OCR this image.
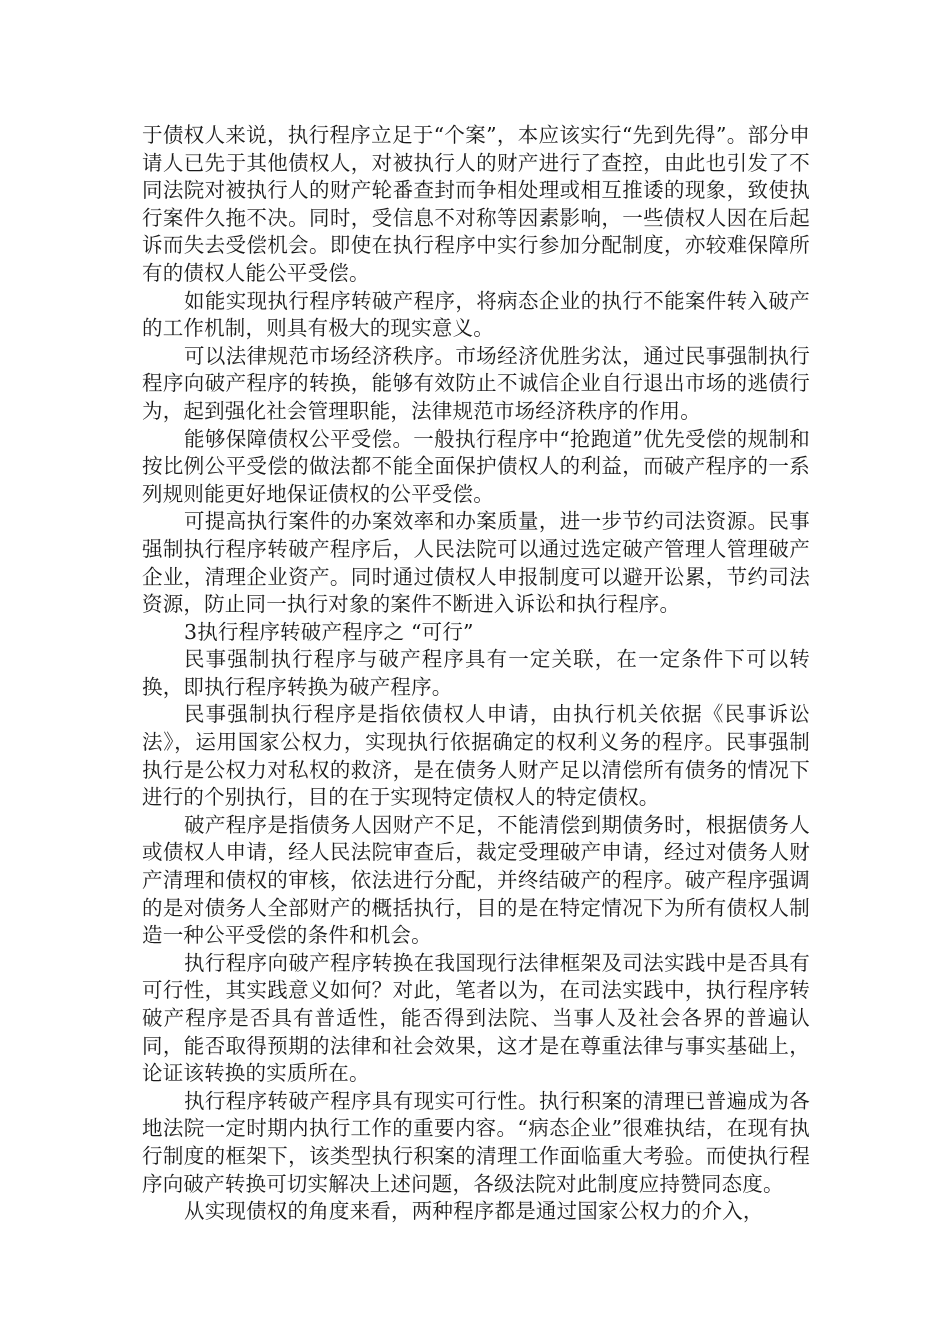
于债权人来说，执行程序立足于“个案”，本应该实行“先到先得”。部分申请人已先于其他债权人，对被执行人的财产进行了查控，由此也引发了不同法院对被执行人的财产轮番查封而争相处理或相互推诿的现象，致使执行案件久拖不决。同时，受信息不对称等因素影响，一些债权人因在后起诉而失去受偿机会。即使在执行程序中实行参加分配制度，亦较难保障所有的债权人能公平受偿。

如能实现执行程序转破产程序，将病态企业的执行不能案件转入破产的工作机制，则具有极大的现实意义。

可以法律规范市场经济秩序。市场经济优胜劣汰，通过民事强制执行程序向破产程序的转换，能够有效防止不诚信企业自行退出市场的逃债行为，起到强化社会管理职能，法律规范市场经济秩序的作用。

能够保障债权公平受偿。一般执行程序中“抢跑道”优先受偿的规制和按比例公平受偿的做法都不能全面保护债权人的利益，而破产程序的一系列规则能更好地保证债权的公平受偿。

可提高执行案件的办案效率和办案质量，进一步节约司法资源。民事强制执行程序转破产程序后，人民法院可以通过选定破产管理人管理破产企业，清理企业资产。同时通过债权人申报制度可以避开讼累，节约司法资源，防止同一执行对象的案件不断进入诉讼和执行程序。

3执行程序转破产程序之 “可行”

民事强制执行程序与破产程序具有一定关联，在一定条件下可以转换，即执行程序转换为破产程序。

民事强制执行程序是指依债权人申请，由执行机关依据《民事诉讼法》，运用国家公权力，实现执行依据确定的权利义务的程序。民事强制执行是公权力对私权的救济，是在债务人财产足以清偿所有债务的情况下进行的个别执行，目的在于实现特定债权人的特定债权。

破产程序是指债务人因财产不足，不能清偿到期债务时，根据债务人或债权人申请，经人民法院审查后，裁定受理破产申请，经过对债务人财产清理和债权的审核，依法进行分配，并终结破产的程序。破产程序强调的是对债务人全部财产的概括执行，目的是在特定情况下为所有债权人制造一种公平受偿的条件和机会。

执行程序向破产程序转换在我国现行法律框架及司法实践中是否具有可行性，其实践意义如何？对此，笔者以为，在司法实践中，执行程序转破产程序是否具有普适性，能否得到法院、当事人及社会各界的普遍认同，能否取得预期的法律和社会效果，这才是在尊重法律与事实基础上，论证该转换的实质所在。

执行程序转破产程序具有现实可行性。执行积案的清理已普遍成为各地法院一定时期内执行工作的重要内容。“病态企业”很难执结，在现有执行制度的框架下，该类型执行积案的清理工作面临重大考验。而使执行程序向破产转换可切实解决上述问题，各级法院对此制度应持赞同态度。

从实现债权的角度来看，两种程序都是通过国家公权力的介入，
